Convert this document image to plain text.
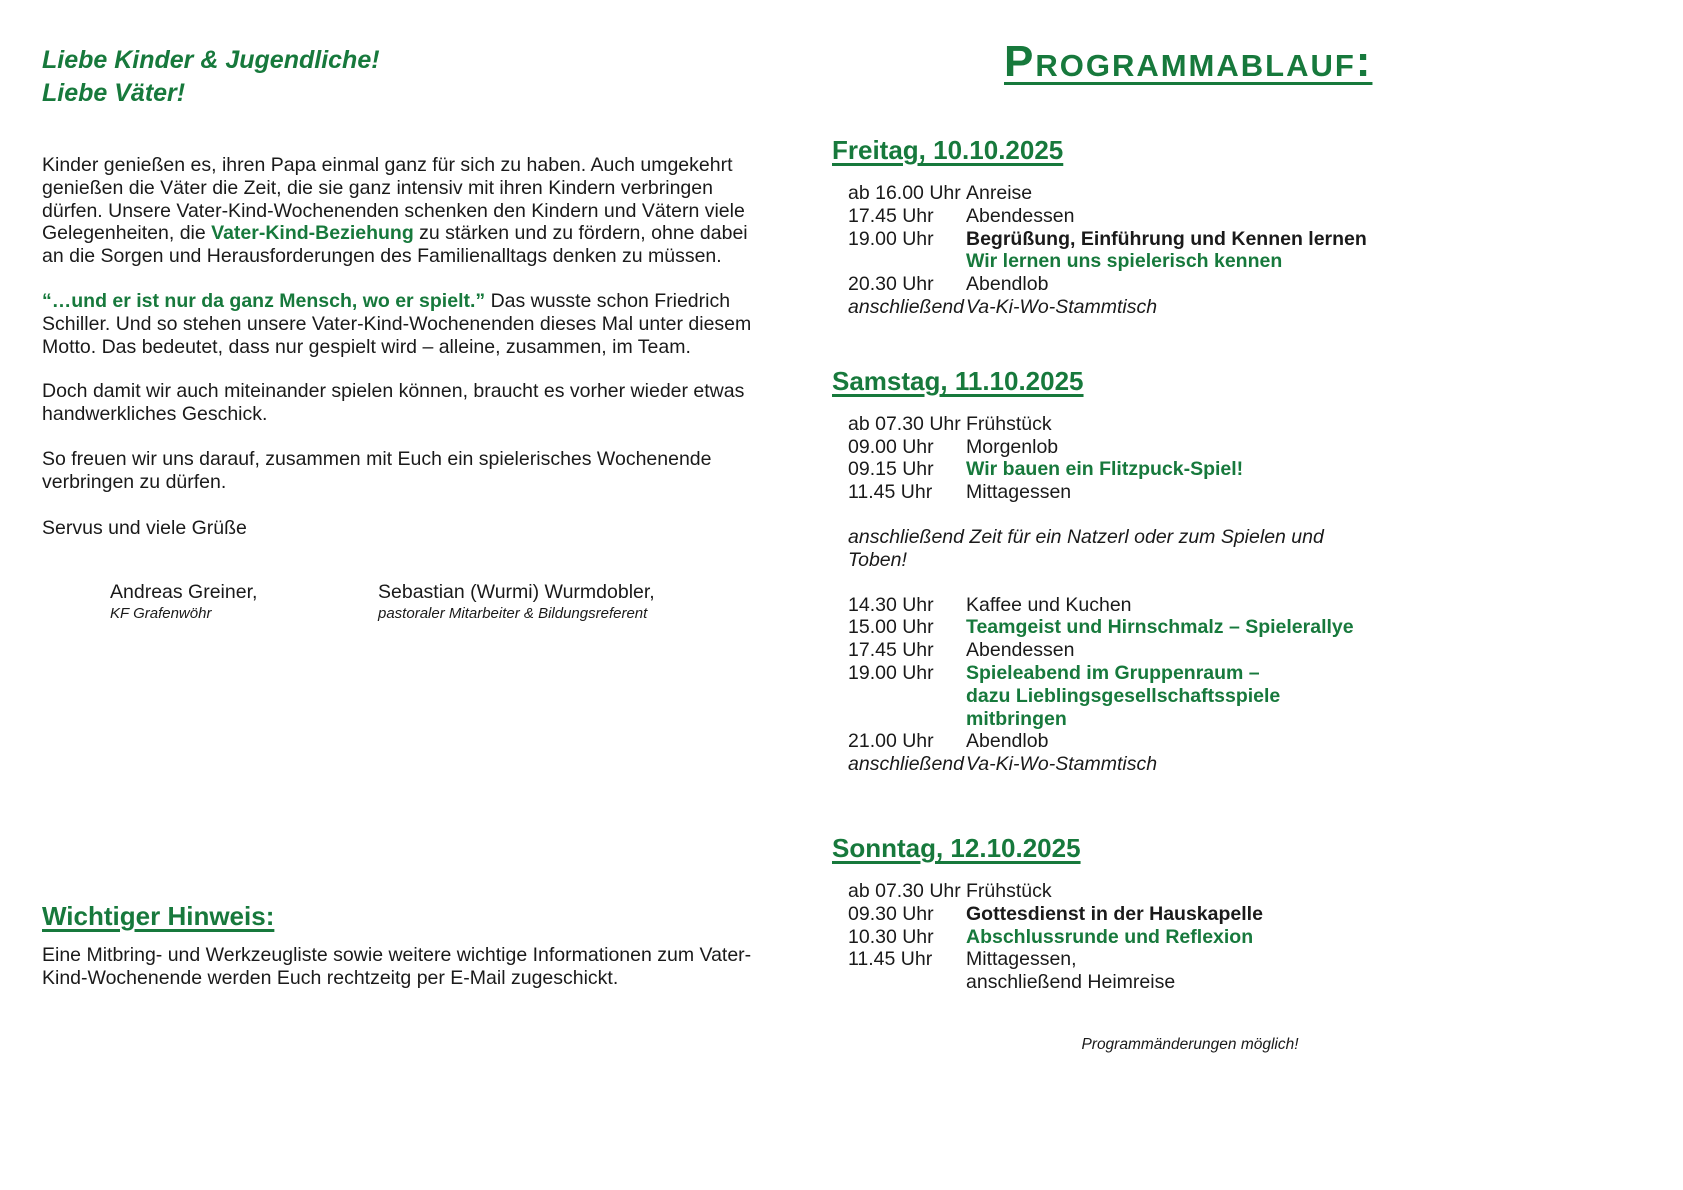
Liebe Kinder & Jugendliche!
Liebe Väter!

Kinder genießen es, ihren Papa einmal ganz für sich zu haben. Auch umgekehrt genießen die Väter die Zeit, die sie ganz intensiv mit ihren Kindern verbringen dürfen. Unsere Vater-Kind-Wochenenden schenken den Kindern und Vätern viele Gelegenheiten, die Vater-Kind-Beziehung zu stärken und zu fördern, ohne dabei an die Sorgen und Herausforderungen des Familienalltags denken zu müssen.

“…und er ist nur da ganz Mensch, wo er spielt.” Das wusste schon Friedrich Schiller. Und so stehen unsere Vater-Kind-Wochenenden dieses Mal unter diesem Motto. Das bedeutet, dass nur gespielt wird – alleine, zusammen, im Team.

Doch damit wir auch miteinander spielen können, braucht es vorher wieder etwas handwerkliches Geschick.

So freuen wir uns darauf, zusammen mit Euch ein spielerisches Wochenende verbringen zu dürfen.

Servus und viele Grüße

Andreas Greiner,
KF Grafenwöhr
Sebastian (Wurmi) Wurmdobler,
pastoraler Mitarbeiter & Bildungsreferent
Wichtiger Hinweis:

Eine Mitbring- und Werkzeugliste sowie weitere wichtige Informationen zum Vater-Kind-Wochenende werden Euch rechtzeitg per E-Mail zugeschickt.

Programmablauf:
Freitag, 10.10.2025
ab 16.00 Uhr Anreise
17.45 Uhr	Abendessen
19.00 Uhr	Begrüßung, Einführung und Kennen lernen
Wir lernen uns spielerisch kennen
20.30 Uhr	Abendlob
anschließend Va-Ki-Wo-Stammtisch
Samstag, 11.10.2025
ab 07.30 Uhr Frühstück
09.00 Uhr	Morgenlob
09.15 Uhr	Wir bauen ein Flitzpuck-Spiel!
11.45 Uhr	Mittagessen
anschließend Zeit für ein Natzerl oder zum Spielen und Toben!
14.30 Uhr	Kaffee und Kuchen
15.00 Uhr	Teamgeist und Hirnschmalz – Spielerallye
17.45 Uhr	Abendessen
19.00 Uhr	Spieleabend im Gruppenraum –
dazu Lieblingsgesellschaftsspiele mitbringen
21.00 Uhr	Abendlob
anschließend Va-Ki-Wo-Stammtisch
Sonntag, 12.10.2025
ab 07.30 Uhr Frühstück
09.30 Uhr	Gottesdienst in der Hauskapelle
10.30 Uhr	Abschlussrunde und Reflexion
11.45 Uhr	Mittagessen,
anschließend Heimreise
Programmänderungen möglich!
